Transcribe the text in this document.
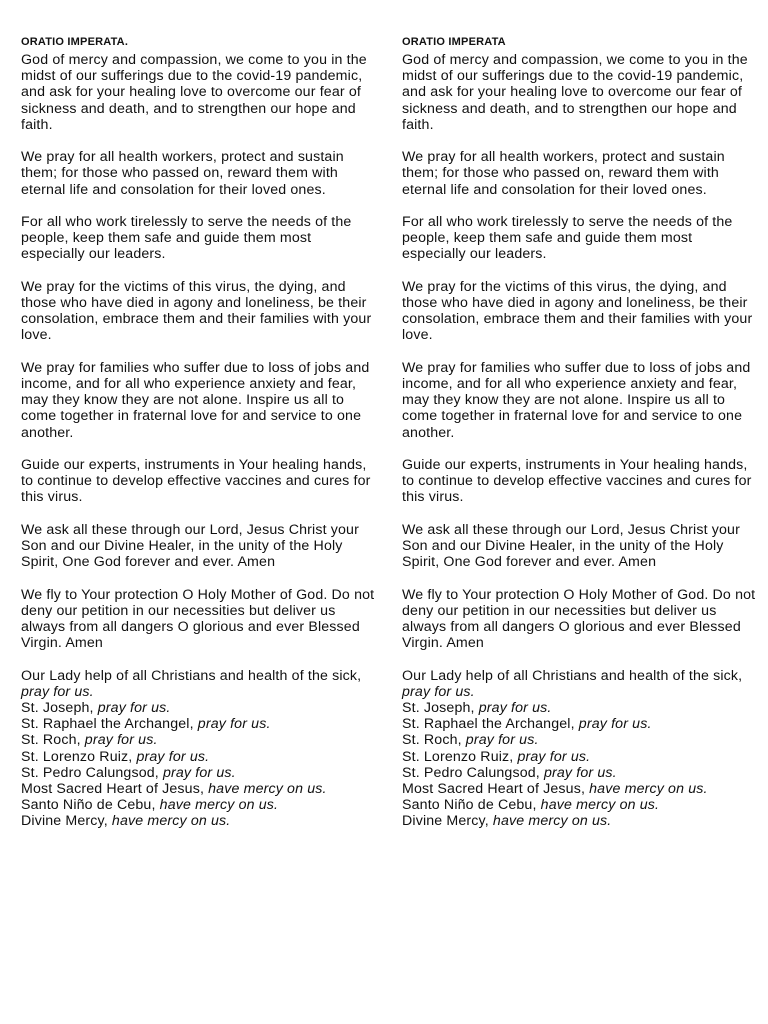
ORATIO IMPERATA.

God of mercy and compassion, we come to you in the midst of our sufferings due to the covid-19 pandemic, and ask for your healing love to overcome our fear of sickness and death, and to strengthen our hope and faith.

We pray for all health workers, protect and sustain them; for those who passed on, reward them with eternal life and consolation for their loved ones.

For all who work tirelessly to serve the needs of the people, keep them safe and guide them most especially our leaders.

We pray for the victims of this virus, the dying, and those who have died in agony and loneliness, be their consolation, embrace them and their families with your love.

We pray for families who suffer due to loss of jobs and income, and for all who experience anxiety and fear, may they know they are not alone. Inspire us all to come together in fraternal love for and service to one another.

Guide our experts, instruments in Your healing hands, to continue to develop effective vaccines and cures for this virus.

We ask all these through our Lord, Jesus Christ your Son and our Divine Healer, in the unity of the Holy Spirit, One God forever and ever. Amen

We fly to Your protection O Holy Mother of God. Do not deny our petition in our necessities but deliver us always from all dangers O glorious and ever Blessed Virgin. Amen

Our Lady help of all Christians and health of the sick, pray for us.
St. Joseph, pray for us.
St. Raphael the Archangel, pray for us.
St. Roch, pray for us.
St. Lorenzo Ruiz, pray for us.
St. Pedro Calungsod, pray for us.
Most Sacred Heart of Jesus, have mercy on us.
Santo Niño de Cebu, have mercy on us.
Divine Mercy, have mercy on us.
ORATIO IMPERATA

God of mercy and compassion, we come to you in the midst of our sufferings due to the covid-19 pandemic, and ask for your healing love to overcome our fear of sickness and death, and to strengthen our hope and faith.

We pray for all health workers, protect and sustain them; for those who passed on, reward them with eternal life and consolation for their loved ones.

For all who work tirelessly to serve the needs of the people, keep them safe and guide them most especially our leaders.

We pray for the victims of this virus, the dying, and those who have died in agony and loneliness, be their consolation, embrace them and their families with your love.

We pray for families who suffer due to loss of jobs and income, and for all who experience anxiety and fear, may they know they are not alone. Inspire us all to come together in fraternal love for and service to one another.

Guide our experts, instruments in Your healing hands, to continue to develop effective vaccines and cures for this virus.

We ask all these through our Lord, Jesus Christ your Son and our Divine Healer, in the unity of the Holy Spirit, One God forever and ever. Amen

We fly to Your protection O Holy Mother of God. Do not deny our petition in our necessities but deliver us always from all dangers O glorious and ever Blessed Virgin. Amen

Our Lady help of all Christians and health of the sick, pray for us.
St. Joseph, pray for us.
St. Raphael the Archangel, pray for us.
St. Roch, pray for us.
St. Lorenzo Ruiz, pray for us.
St. Pedro Calungsod, pray for us.
Most Sacred Heart of Jesus, have mercy on us.
Santo Niño de Cebu, have mercy on us.
Divine Mercy, have mercy on us.
